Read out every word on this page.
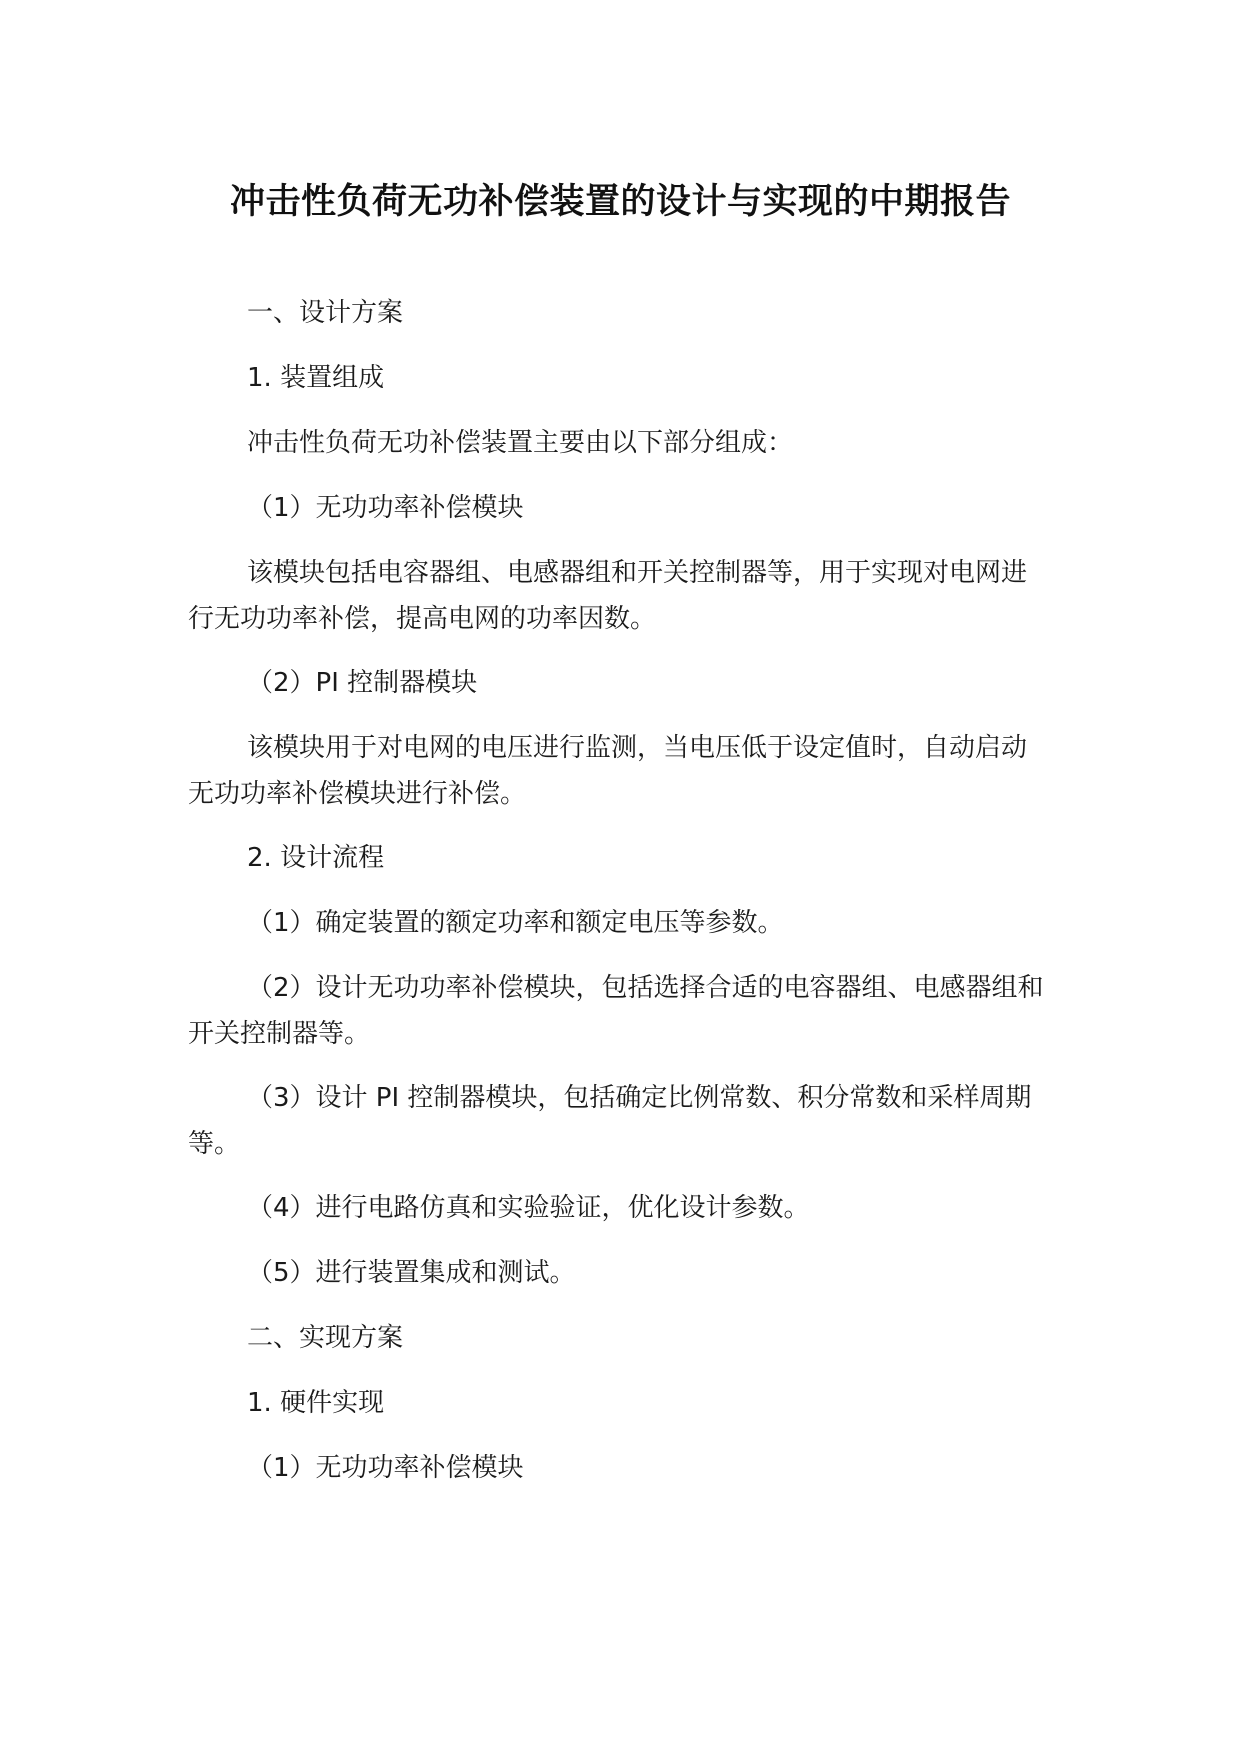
冲击性负荷无功补偿装置的设计与实现的中期报告

一、设计方案

1. 装置组成

冲击性负荷无功补偿装置主要由以下部分组成：

（1）无功功率补偿模块

该模块包括电容器组、电感器组和开关控制器等，用于实现对电网进行无功功率补偿，提高电网的功率因数。

（2）PI 控制器模块

该模块用于对电网的电压进行监测，当电压低于设定值时，自动启动无功功率补偿模块进行补偿。

2. 设计流程

（1）确定装置的额定功率和额定电压等参数。

（2）设计无功功率补偿模块，包括选择合适的电容器组、电感器组和开关控制器等。

（3）设计 PI 控制器模块，包括确定比例常数、积分常数和采样周期等。

（4）进行电路仿真和实验验证，优化设计参数。

（5）进行装置集成和测试。

二、实现方案

1. 硬件实现

（1）无功功率补偿模块
